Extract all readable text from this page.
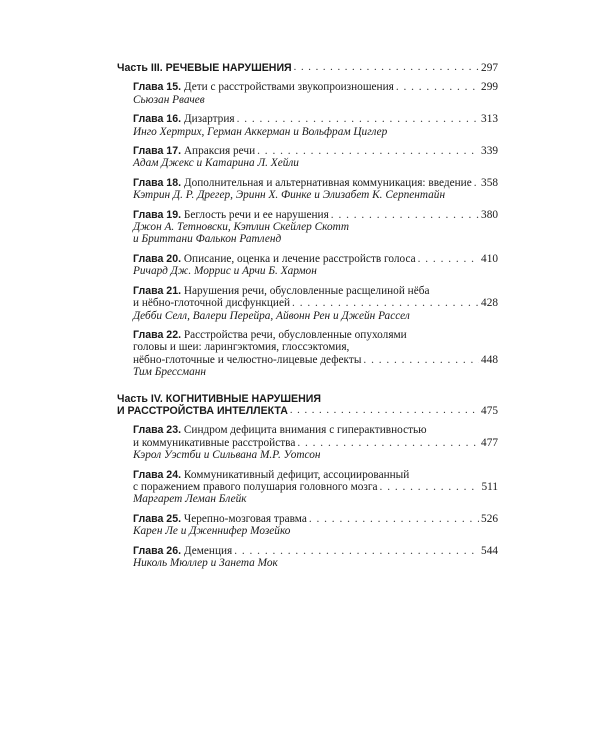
Часть III. РЕЧЕВЫЕ НАРУШЕНИЯ . . .	297
Глава 15. Дети с расстройствами звукопроизношения . . .	299
Сьюзан Рвачев
Глава 16. Дизартрия . . .	313
Инго Хертрих, Герман Аккерман и Вольфрам Циглер
Глава 17. Апраксия речи . . .	339
Адам Джекс и Катарина Л. Хейли
Глава 18. Дополнительная и альтернативная коммуникация: введение . . . 358
Кэтрин Д. Р. Дрегер, Эринн Х. Финке и Элизабет К. Серпентайн
Глава 19. Беглость речи и ее нарушения . . .	380
Джон А. Тетновски, Кэтлин Скейлер Скотт
и Бриттани Фалькон Ратленд
Глава 20. Описание, оценка и лечение расстройств голоса . . .	410
Ричард Дж. Моррис и Арчи Б. Хармон
Глава 21. Нарушения речи, обусловленные расщелиной нёба
и нёбно-глоточной дисфункцией . . .	428
Дебби Селл, Валери Перейра, Айвонн Рен и Джейн Рассел
Глава 22. Расстройства речи, обусловленные опухолями
головы и шеи: ларингэктомия, глоссэктомия,
нёбно-глоточные и челюстно-лицевые дефекты . . .	448
Тим Брессманн
Часть IV. КОГНИТИВНЫЕ НАРУШЕНИЯ
И РАССТРОЙСТВА ИНТЕЛЛЕКТА . . .	475
Глава 23. Синдром дефицита внимания с гиперактивностью
и коммуникативные расстройства . . .	477
Кэрол Уэстби и Сильвана М.Р. Уотсон
Глава 24. Коммуникативный дефицит, ассоциированный
с поражением правого полушария головного мозга . . .	511
Маргарет Леман Блейк
Глава 25. Черепно-мозговая травма . . .	526
Карен Ле и Дженнифер Мозейко
Глава 26. Деменция . . .	544
Николь Мюллер и Занета Мок
